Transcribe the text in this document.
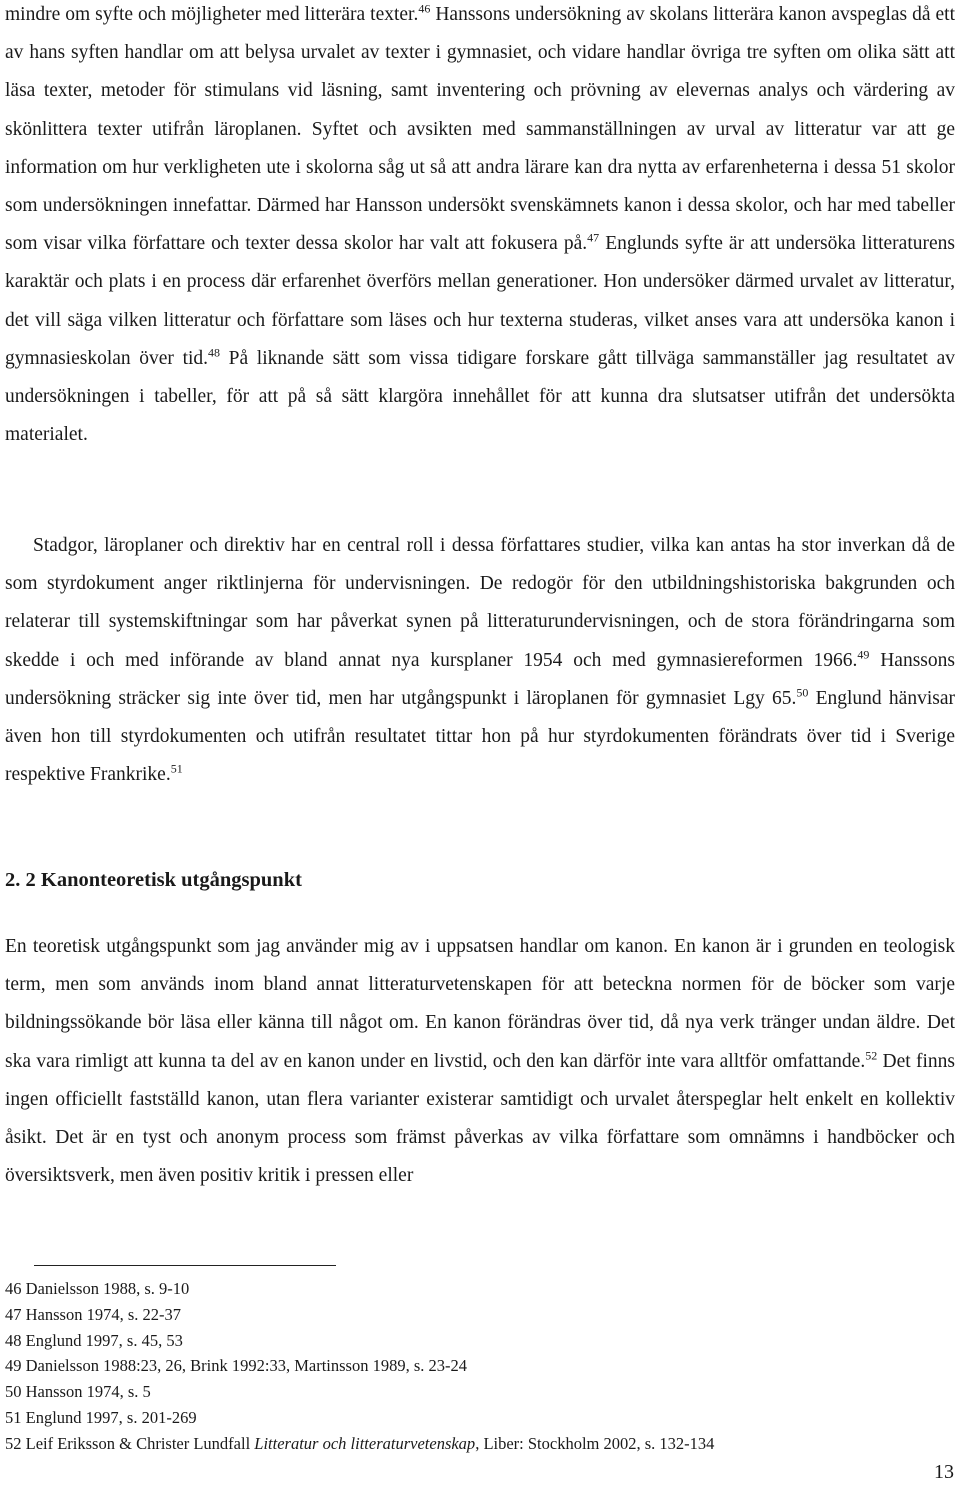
mindre om syfte och möjligheter med litterära texter.$^{46}$ Hanssons undersökning av skolans litterära kanon avspeglas då ett av hans syften handlar om att belysa urvalet av texter i gymnasiet, och vidare handlar övriga tre syften om olika sätt att läsa texter, metoder för stimulans vid läsning, samt inventering och prövning av elevernas analys och värdering av skönlittera texter utifrån läroplanen. Syftet och avsikten med sammanställningen av urval av litteratur var att ge information om hur verkligheten ute i skolorna såg ut så att andra lärare kan dra nytta av erfarenheterna i dessa 51 skolor som undersökningen innefattar. Därmed har Hansson undersökt svenskämnets kanon i dessa skolor, och har med tabeller som visar vilka författare och texter dessa skolor har valt att fokusera på.$^{47}$ Englunds syfte är att undersöka litteraturens karaktär och plats i en process där erfarenhet överförs mellan generationer. Hon undersöker därmed urvalet av litteratur, det vill säga vilken litteratur och författare som läses och hur texterna studeras, vilket anses vara att undersöka kanon i gymnasieskolan över tid.$^{48}$ På liknande sätt som vissa tidigare forskare gått tillväga sammanställer jag resultatet av undersökningen i tabeller, för att på så sätt klargöra innehållet för att kunna dra slutsatser utifrån det undersökta materialet.

Stadgor, läroplaner och direktiv har en central roll i dessa författares studier, vilka kan antas ha stor inverkan då de som styrdokument anger riktlinjerna för undervisningen. De redogör för den utbildningshistoriska bakgrunden och relaterar till systemskiftningar som har påverkat synen på litteraturundervisningen, och de stora förändringarna som skedde i och med införande av bland annat nya kursplaner 1954 och med gymnasiereformen 1966.49 Hanssons undersökning sträcker sig inte över tid, men har utgångspunkt i läroplanen för gymnasiet Lgy 65.50 Englund hänvisar även hon till styrdokumenten och utifrån resultatet tittar hon på hur styrdokumenten förändrats över tid i Sverige respektive Frankrike.$^{51}$

2. 2 Kanonteoretisk utgångspunkt

En teoretisk utgångspunkt som jag använder mig av i uppsatsen handlar om kanon. En kanon är i grunden en teologisk term, men som används inom bland annat litteraturvetenskapen för att beteckna normen för de böcker som varje bildningssökande bör läsa eller känna till något om. En kanon förändras över tid, då nya verk tränger undan äldre. Det ska vara rimligt att kunna ta del av en kanon under en livstid, och den kan därför inte vara alltför omfattande.$^{52}$ Det finns ingen officiellt fastställd kanon, utan flera varianter existerar samtidigt och urvalet återspeglar helt enkelt en kollektiv åsikt. Det är en tyst och anonym process som främst påverkas av vilka författare som omnämns i handböcker och översiktsverk, men även positiv kritik i pressen eller

46 Danielsson 1988, s. 9-10
47 Hansson 1974, s. 22-37
48 Englund 1997, s. 45, 53
49 Danielsson 1988:23, 26, Brink 1992:33, Martinsson 1989, s. 23-24
50 Hansson 1974, s. 5
51 Englund 1997, s. 201-269
52 Leif Eriksson & Christer Lundfall Litteratur och litteraturvetenskap, Liber: Stockholm 2002, s. 132-134
13
